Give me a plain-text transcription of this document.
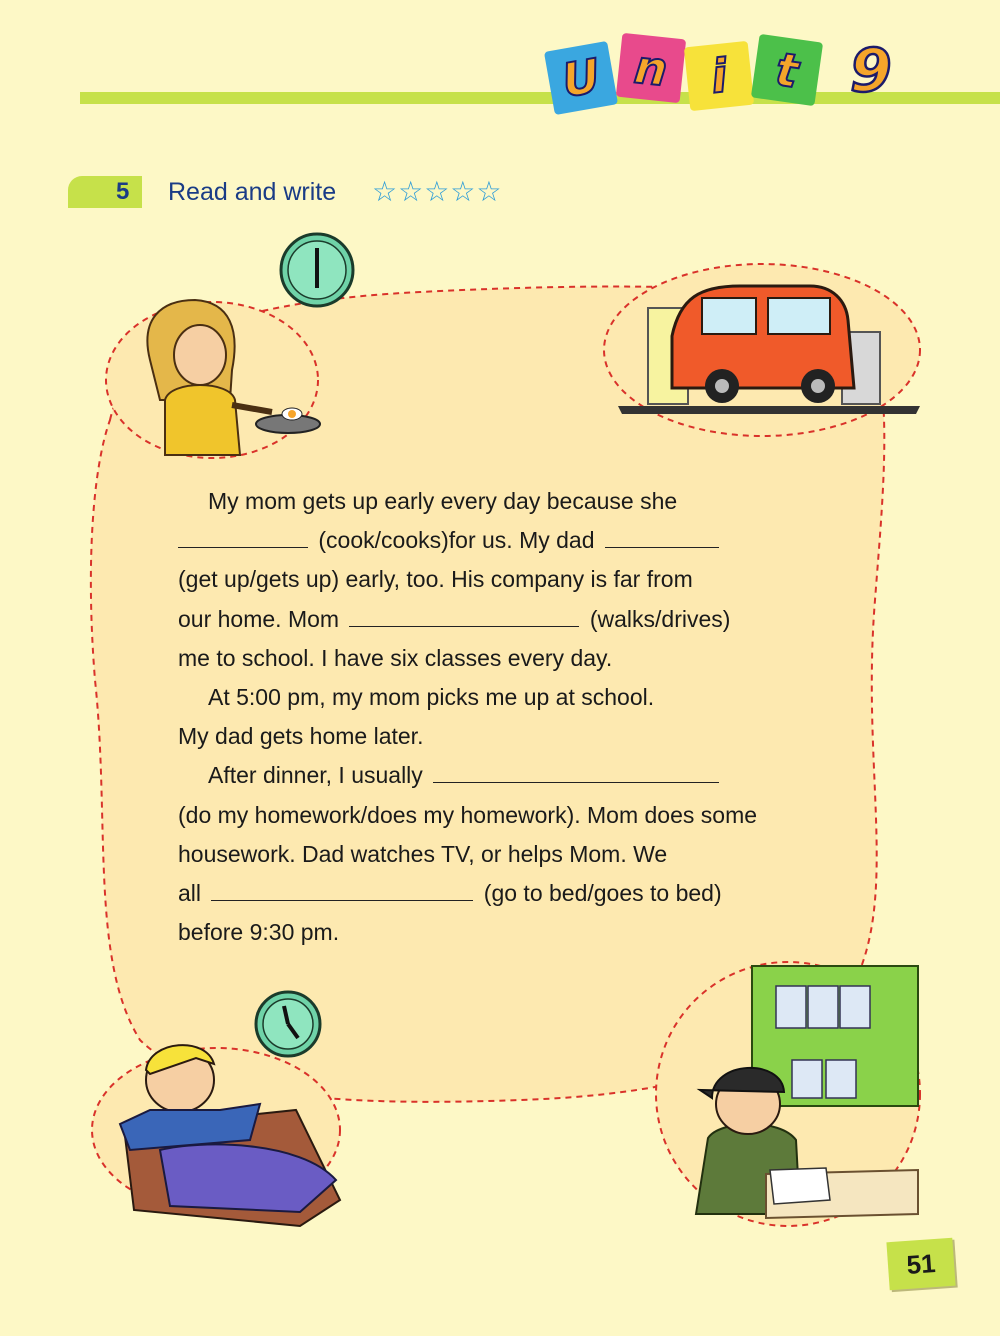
U n i t 9
5 Read and write ☆☆☆☆☆

My mom gets up early every day because she

(cook/cooks)for us. My dad

(get up/gets up) early, too. His company is far from

our home. Mom	(walks/drives)

me to school. I have six classes every day.

At 5:00 pm, my mom picks me up at school.

My dad gets home later.

After dinner, I usually

(do my homework/does my homework). Mom does some

housework. Dad watches TV, or helps Mom. We

all	(go to bed/goes to bed)

before 9:30 pm.

51
